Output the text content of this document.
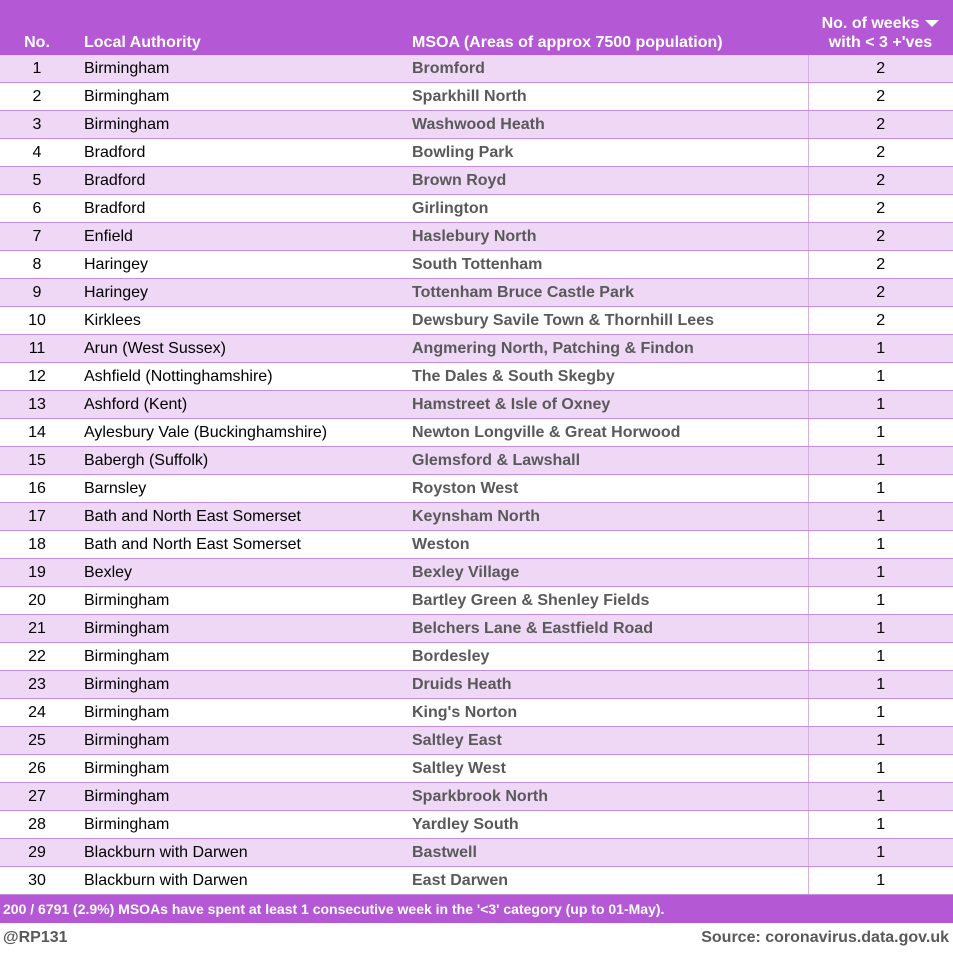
No.	Local Authority	MSOA (Areas of approx 7500 population)	No. of weeks
with < 3 +'ves

1	Birmingham	Bromford	2
2	Birmingham	Sparkhill North	2
3	Birmingham	Washwood Heath	2
4	Bradford	Bowling Park	2
5	Bradford	Brown Royd	2
6	Bradford	Girlington	2
7	Enfield	Haslebury North	2
8	Haringey	South Tottenham	2
9	Haringey	Tottenham Bruce Castle Park	2
10	Kirklees	Dewsbury Savile Town & Thornhill Lees	2
11	Arun (West Sussex)	Angmering North, Patching & Findon	1
12	Ashfield (Nottinghamshire)	The Dales & South Skegby	1
13	Ashford (Kent)	Hamstreet & Isle of Oxney	1
14	Aylesbury Vale (Buckinghamshire)	Newton Longville & Great Horwood	1
15	Babergh (Suffolk)	Glemsford & Lawshall	1
16	Barnsley	Royston West	1
17	Bath and North East Somerset	Keynsham North	1
18	Bath and North East Somerset	Weston	1
19	Bexley	Bexley Village	1
20	Birmingham	Bartley Green & Shenley Fields	1
21	Birmingham	Belchers Lane & Eastfield Road	1
22	Birmingham	Bordesley	1
23	Birmingham	Druids Heath	1
24	Birmingham	King's Norton	1
25	Birmingham	Saltley East	1
26	Birmingham	Saltley West	1
27	Birmingham	Sparkbrook North	1
28	Birmingham	Yardley South	1
29	Blackburn with Darwen	Bastwell	1
30	Blackburn with Darwen	East Darwen	1
200 / 6791 (2.9%) MSOAs have spent at least 1 consecutive week in the '<3' category (up to 01-May).
@RP131	Source: coronavirus.data.gov.uk
